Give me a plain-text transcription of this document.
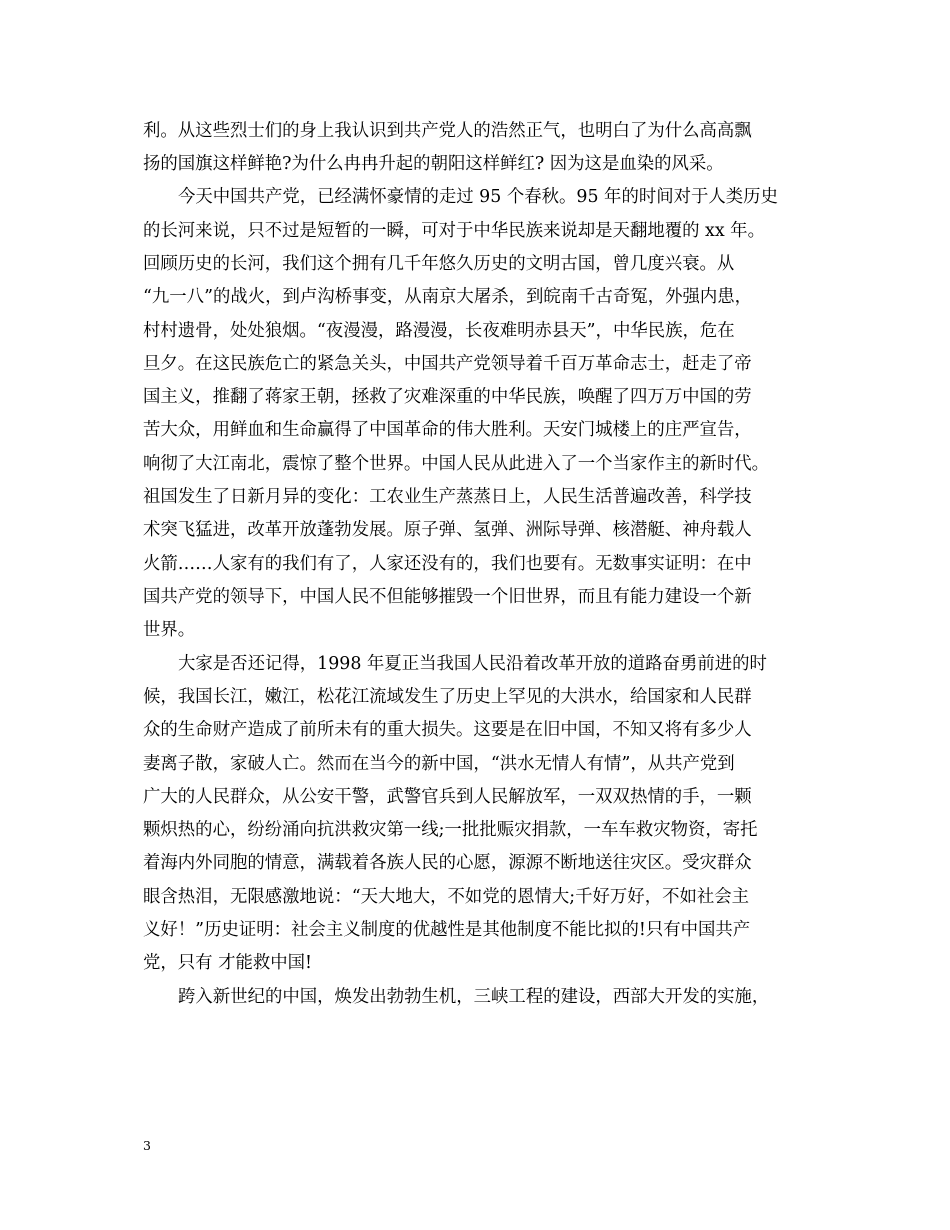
利。从这些烈士们的身上我认识到共产党人的浩然正气，也明白了为什么高高飘
扬的国旗这样鲜艳?为什么冉冉升起的朝阳这样鲜红? 因为这是血染的风采。
今天中国共产党，已经满怀豪情的走过 95 个春秋。95 年的时间对于人类历史
的长河来说，只不过是短暂的一瞬，可对于中华民族来说却是天翻地覆的 xx 年。
回顾历史的长河，我们这个拥有几千年悠久历史的文明古国，曾几度兴衰。从
“九一八”的战火，到卢沟桥事变，从南京大屠杀，到皖南千古奇冤，外强内患，
村村遗骨，处处狼烟。“夜漫漫，路漫漫，长夜难明赤县天”，中华民族，危在
旦夕。在这民族危亡的紧急关头，中国共产党领导着千百万革命志士，赶走了帝
国主义，推翻了蒋家王朝，拯救了灾难深重的中华民族，唤醒了四万万中国的劳
苦大众，用鲜血和生命赢得了中国革命的伟大胜利。天安门城楼上的庄严宣告，
响彻了大江南北，震惊了整个世界。中国人民从此进入了一个当家作主的新时代。
祖国发生了日新月异的变化：工农业生产蒸蒸日上，人民生活普遍改善，科学技
术突飞猛进，改革开放蓬勃发展。原子弹、氢弹、洲际导弹、核潜艇、神舟载人
火箭……人家有的我们有了，人家还没有的，我们也要有。无数事实证明：在中
国共产党的领导下，中国人民不但能够摧毁一个旧世界，而且有能力建设一个新
世界。
大家是否还记得，1998 年夏正当我国人民沿着改革开放的道路奋勇前进的时
候，我国长江，嫩江，松花江流域发生了历史上罕见的大洪水，给国家和人民群
众的生命财产造成了前所未有的重大损失。这要是在旧中国，不知又将有多少人
妻离子散，家破人亡。然而在当今的新中国，“洪水无情人有情”，从共产党到
广大的人民群众，从公安干警，武警官兵到人民解放军，一双双热情的手，一颗
颗炽热的心，纷纷涌向抗洪救灾第一线;一批批赈灾捐款，一车车救灾物资，寄托
着海内外同胞的情意，满载着各族人民的心愿，源源不断地送往灾区。受灾群众
眼含热泪，无限感激地说：“天大地大，不如党的恩情大;千好万好，不如社会主
义好！”历史证明：社会主义制度的优越性是其他制度不能比拟的!只有中国共产
党，只有 才能救中国!
跨入新世纪的中国，焕发出勃勃生机，三峡工程的建设，西部大开发的实施，
3
